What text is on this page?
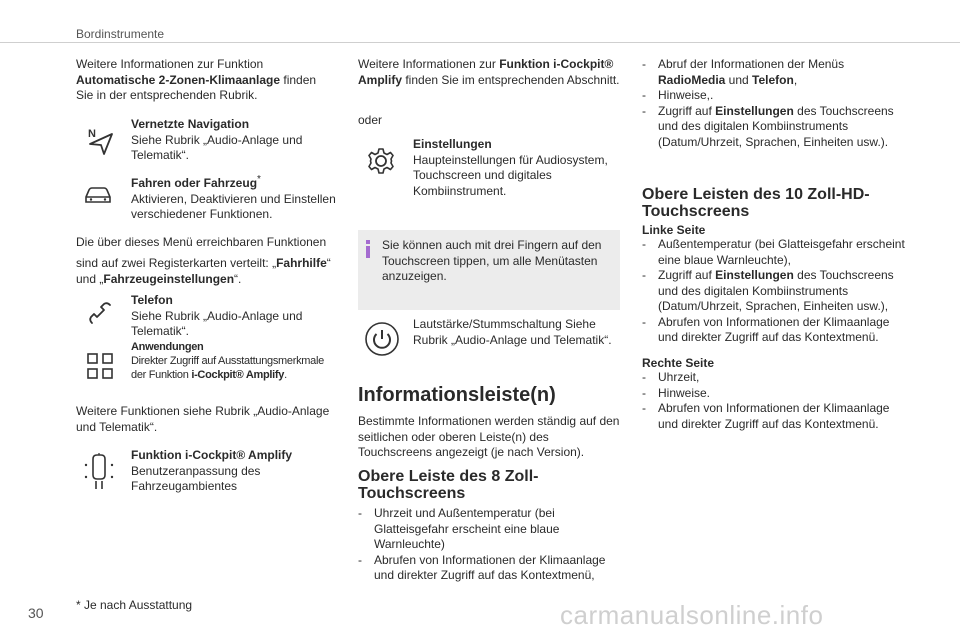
Bordinstrumente

Weitere Informationen zur Funktion Automatische 2-Zonen-Klimaanlage finden Sie in der entsprechenden Rubrik.

N

Vernetzte Navigation
Siehe Rubrik „Audio-Anlage und Telematik“.

Fahren oder Fahrzeug*
Aktivieren, Deaktivieren und Einstellen verschiedener Funktionen.

Die über dieses Menü erreichbaren Funktionen

sind auf zwei Registerkarten verteilt: „Fahrhilfe“ und „Fahrzeugeinstellungen“.

Telefon
Siehe Rubrik „Audio-Anlage und Telematik“.

Anwendungen
Direkter Zugriff auf Ausstattungsmerkmale der Funktion i-Cockpit® Amplify.

Weitere Funktionen siehe Rubrik „Audio-Anlage und Telematik“.

Funktion i-Cockpit® Amplify
Benutzeranpassung des Fahrzeugambientes

* Je nach Ausstattung

Weitere Informationen zur Funktion i-Cockpit® Amplify finden Sie im entsprechenden Abschnitt.

oder

Einstellungen
Haupteinstellungen für Audiosystem, Touchscreen und digitales Kombiinstrument.

Sie können auch mit drei Fingern auf den Touchscreen tippen, um alle Menütasten anzuzeigen.

Lautstärke/Stummschaltung Siehe Rubrik „Audio-Anlage und Telematik“.

Informationsleiste(n)

Bestimmte Informationen werden ständig auf den seitlichen oder oberen Leiste(n) des Touchscreens angezeigt (je nach Version).

Obere Leiste des 8 Zoll-Touchscreens
- Uhrzeit und Außentemperatur (bei Glatteisgefahr erscheint eine blaue Warnleuchte)
- Abrufen von Informationen der Klimaanlage und direkter Zugriff auf das Kontextmenü,
- Abruf der Informationen der Menüs RadioMedia und Telefon,
- Hinweise,.
- Zugriff auf Einstellungen des Touchscreens und des digitalen Kombiinstruments (Datum/Uhrzeit, Sprachen, Einheiten usw.).
Obere Leisten des 10 Zoll-HD-Touchscreens

Linke Seite

- Außentemperatur (bei Glatteisgefahr erscheint eine blaue Warnleuchte),
- Zugriff auf Einstellungen des Touchscreens und des digitalen Kombiinstruments (Datum/Uhrzeit, Sprachen, Einheiten usw.),
- Abrufen von Informationen der Klimaanlage und direkter Zugriff auf das Kontextmenü.

Rechte Seite

- Uhrzeit,
- Hinweise.
- Abrufen von Informationen der Klimaanlage und direkter Zugriff auf das Kontextmenü.
30	carmanualsonline.info
